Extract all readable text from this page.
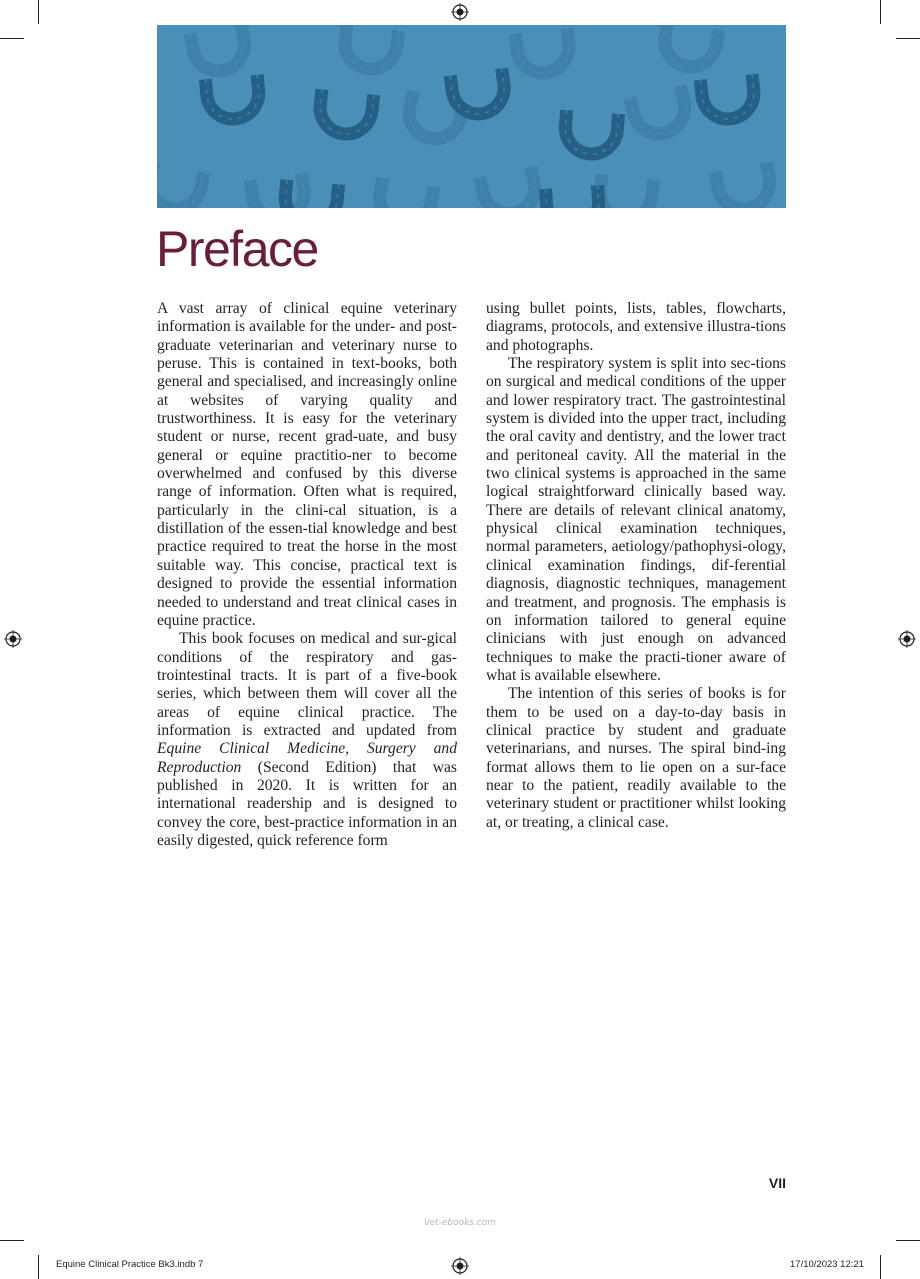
Preface

A vast array of clinical equine veterinary information is available for the under- and post-graduate veterinarian and veterinary nurse to peruse. This is contained in text-books, both general and specialised, and increasingly online at websites of varying quality and trustworthiness. It is easy for the veterinary student or nurse, recent grad-uate, and busy general or equine practitio-ner to become overwhelmed and confused by this diverse range of information. Often what is required, particularly in the clini-cal situation, is a distillation of the essen-tial knowledge and best practice required to treat the horse in the most suitable way. This concise, practical text is designed to provide the essential information needed to understand and treat clinical cases in equine practice.

This book focuses on medical and sur-gical conditions of the respiratory and gas-trointestinal tracts. It is part of a five-book series, which between them will cover all the areas of equine clinical practice. The information is extracted and updated from Equine Clinical Medicine, Surgery and Reproduction (Second Edition) that was published in 2020. It is written for an international readership and is designed to convey the core, best-practice information in an easily digested, quick reference form

using bullet points, lists, tables, flowcharts, diagrams, protocols, and extensive illustra-tions and photographs.

The respiratory system is split into sec-tions on surgical and medical conditions of the upper and lower respiratory tract. The gastrointestinal system is divided into the upper tract, including the oral cavity and dentistry, and the lower tract and peritoneal cavity. All the material in the two clinical systems is approached in the same logical straightforward clinically based way. There are details of relevant clinical anatomy, physical clinical examination techniques, normal parameters, aetiology/pathophysi-ology, clinical examination findings, dif-ferential diagnosis, diagnostic techniques, management and treatment, and prognosis. The emphasis is on information tailored to general equine clinicians with just enough on advanced techniques to make the practi-tioner aware of what is available elsewhere.

The intention of this series of books is for them to be used on a day-to-day basis in clinical practice by student and graduate veterinarians, and nurses. The spiral bind-ing format allows them to lie open on a sur-face near to the patient, readily available to the veterinary student or practitioner whilst looking at, or treating, a clinical case.

VII
Vet-ebooks.com
Equine Clinical Practice Bk3.indb 7	17/10/2023 12:21
